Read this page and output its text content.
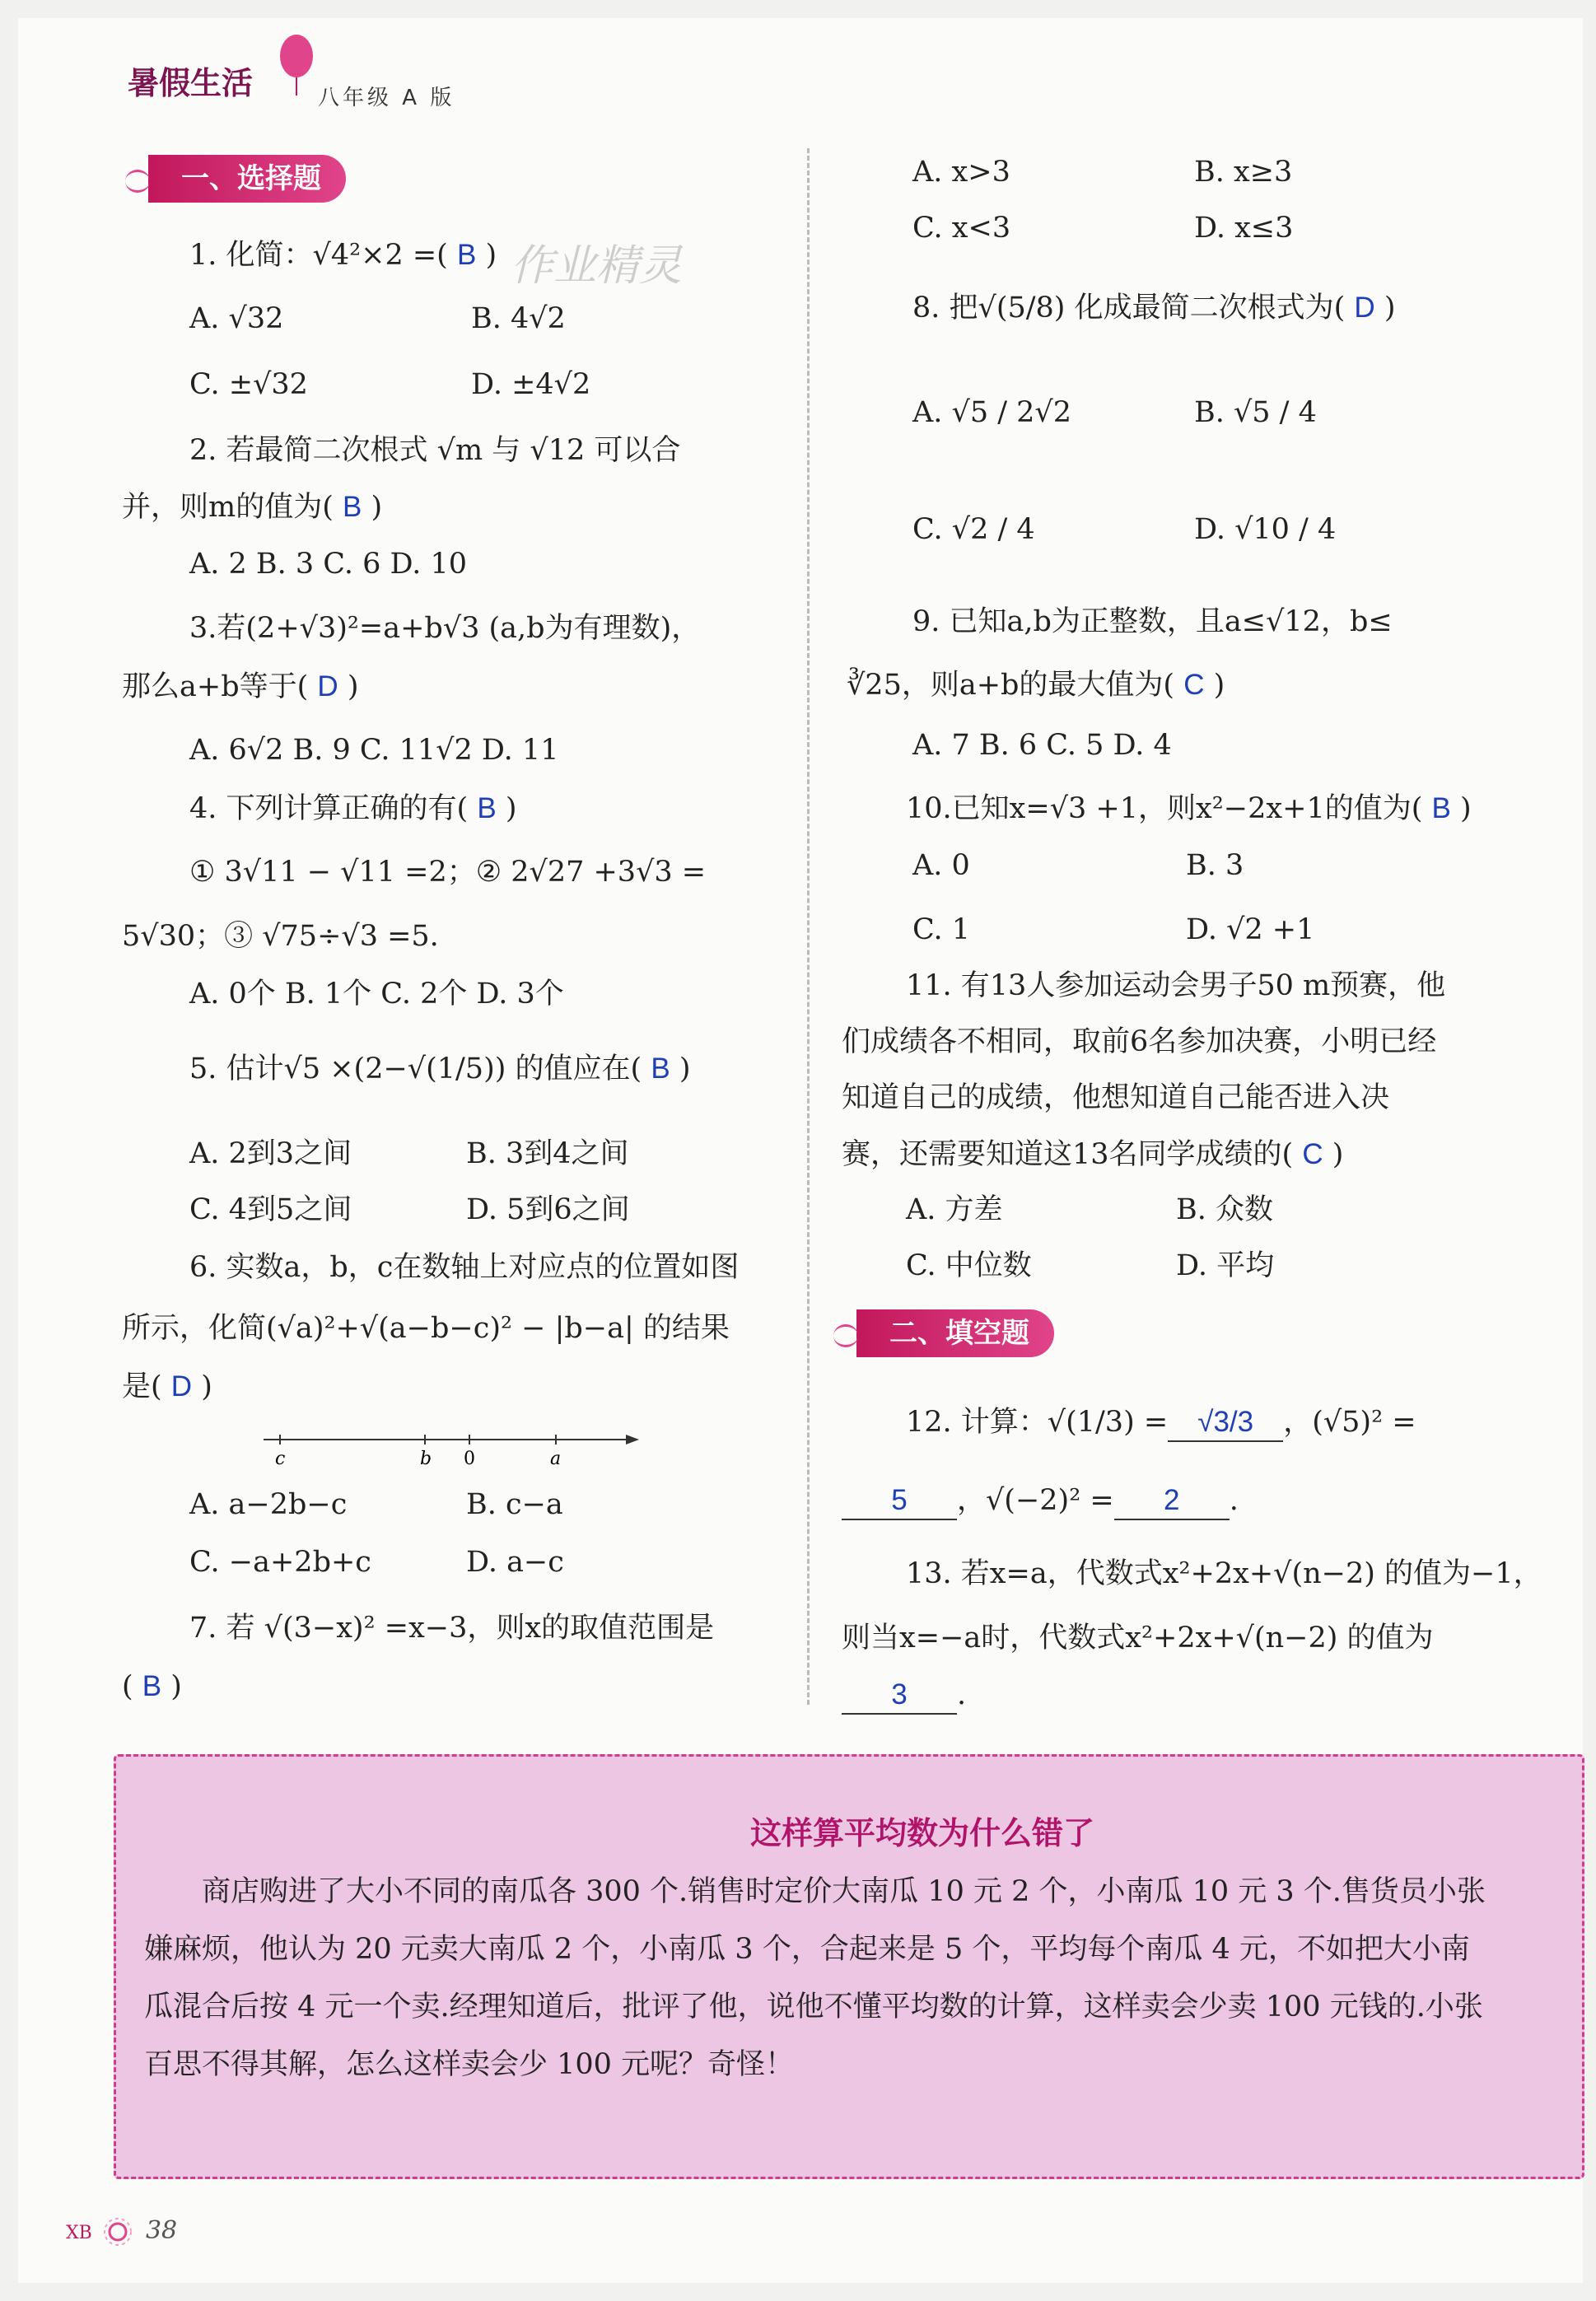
暑假生活	八年级 A 版
一、选择题
1. 化简：√4²×2 =( B ) 作业精灵
A. √32	B. 4√2
C. ±√32	D. ±4√2
2. 若最简二次根式 √m 与 √12 可以合
并，则m的值为( B )
A. 2 B. 3 C. 6 D. 10
3.若(2+√3)²=a+b√3 (a,b为有理数)，
那么a+b等于( D )
A. 6√2 B. 9 C. 11√2 D. 11
4. 下列计算正确的有( B )
① 3√11 − √11 =2；② 2√27 +3√3 =
5√30；③ √75÷√3 =5.
A. 0个 B. 1个 C. 2个 D. 3个
5. 估计√5 ×(2−√(1/5)) 的值应在( B )
A. 2到3之间	B. 3到4之间
C. 4到5之间	D. 5到6之间
6. 实数a，b，c在数轴上对应点的位置如图
所示，化简(√a)²+√(a−b−c)² − |b−a| 的结果
是( D )
c	b 0	a
A. a−2b−c	B. c−a
C. −a+2b+c	D. a−c
7. 若 √(3−x)² =x−3，则x的取值范围是
( B )
A. x>3	B. x≥3
C. x<3	D. x≤3
8. 把√(5/8) 化成最简二次根式为( D )
A. √5 / 2√2	B. √5 / 4
C. √2 / 4	D. √10 / 4
9. 已知a,b为正整数，且a≤√12，b≤
∛25，则a+b的最大值为( C )
A. 7 B. 6 C. 5 D. 4
10.已知x=√3 +1，则x²−2x+1的值为( B )
A. 0	B. 3
C. 1	D. √2 +1
11. 有13人参加运动会男子50 m预赛，他
们成绩各不相同，取前6名参加决赛，小明已经
知道自己的成绩，他想知道自己能否进入决
赛，还需要知道这13名同学成绩的( C )
A. 方差	B. 众数
C. 中位数	D. 平均
二、填空题
12. 计算：√(1/3) = √3/3 ，(√5)² =
5 ，√(−2)² = 2 .
13. 若x=a，代数式x²+2x+√(n−2) 的值为−1，
则当x=−a时，代数式x²+2x+√(n−2) 的值为
3 .
这样算平均数为什么错了
商店购进了大小不同的南瓜各 300 个.销售时定价大南瓜 10 元 2 个，小南瓜 10 元 3 个.售货员小张嫌麻烦，他认为 20 元卖大南瓜 2 个，小南瓜 3 个，合起来是 5 个，平均每个南瓜 4 元，不如把大小南瓜混合后按 4 元一个卖.经理知道后，批评了他，说他不懂平均数的计算，这样卖会少卖 100 元钱的.小张百思不得其解，怎么这样卖会少 100 元呢？奇怪！
XB 38
